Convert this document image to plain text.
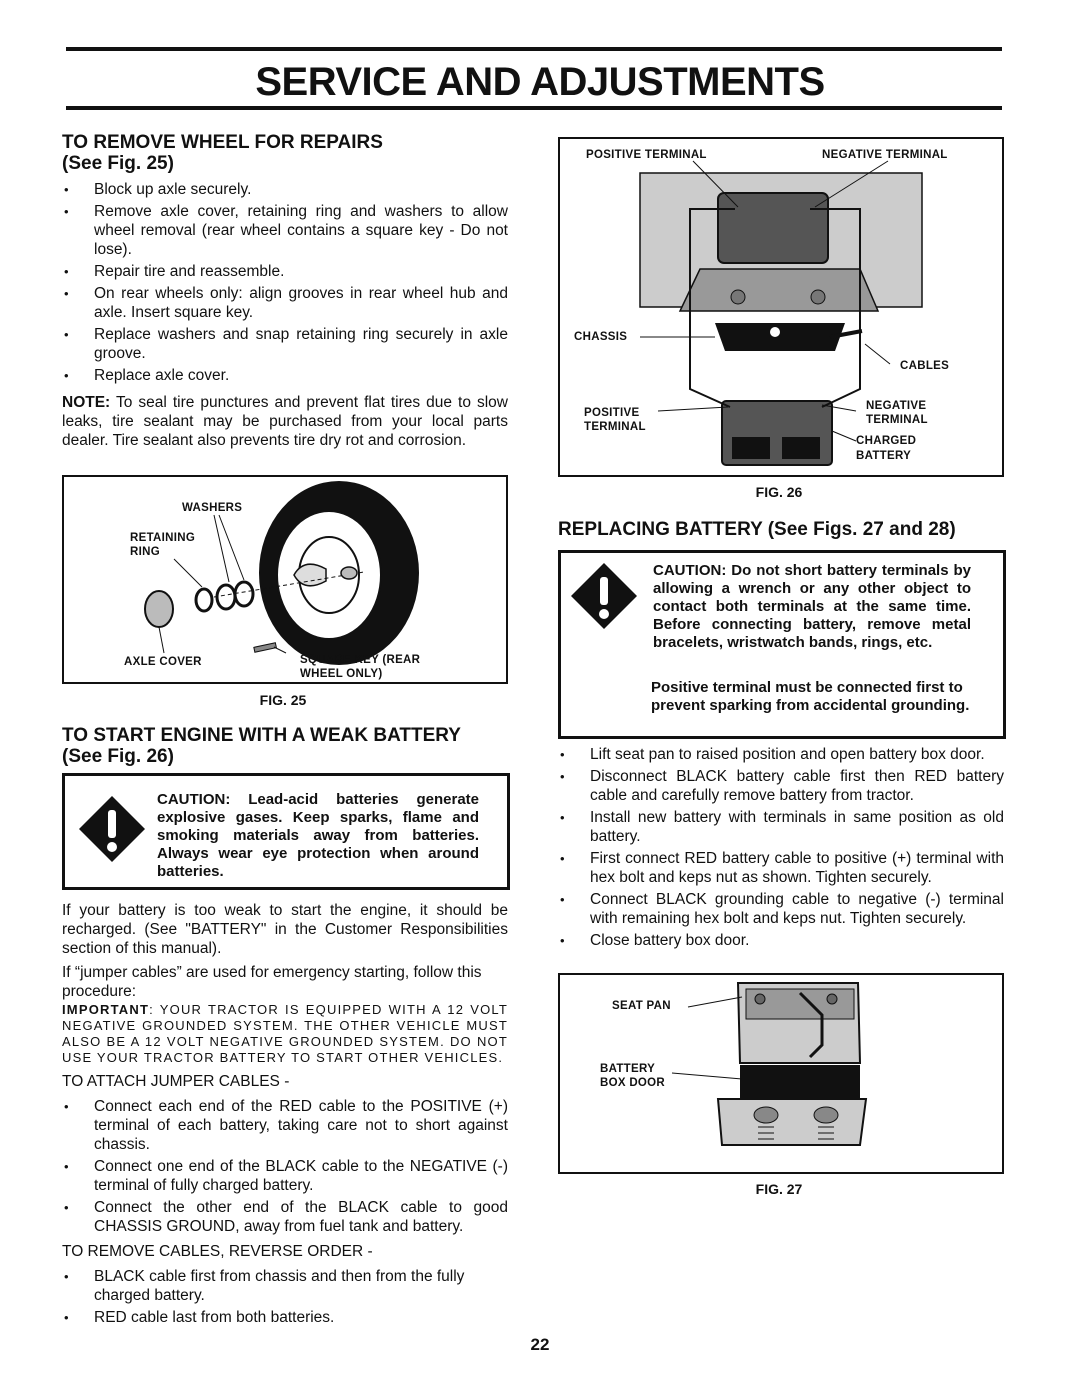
SERVICE AND ADJUSTMENTS
TO REMOVE WHEEL FOR REPAIRS
(See Fig. 25)
• Block up axle securely.
• Remove axle cover, retaining ring and washers to allow wheel removal (rear wheel contains a square key - Do not lose).
• Repair tire and reassemble.
• On rear wheels only: align grooves in rear wheel hub and axle. Insert square key.
• Replace washers and snap retaining ring securely in axle groove.
• Replace axle cover.

NOTE: To seal tire punctures and prevent flat tires due to slow leaks, tire sealant may be purchased from your local parts dealer. Tire sealant also prevents tire dry rot and corrosion.

WASHERS
RETAINING
RING
AXLE COVER	SQUARE KEY (REAR
WHEEL ONLY)
FIG. 25
TO START ENGINE WITH A WEAK BATTERY
(See Fig. 26)
CAUTION: Lead-acid batteries generate explosive gases. Keep sparks, flame and smoking materials away from batteries. Always wear eye protection when around batteries.

If your battery is too weak to start the engine, it should be recharged. (See "BATTERY" in the Customer Responsibilities section of this manual).

If “jumper cables” are used for emergency starting, follow this procedure:

IMPORTANT: YOUR TRACTOR IS EQUIPPED WITH A 12 VOLT NEGATIVE GROUNDED SYSTEM. THE OTHER VEHICLE MUST ALSO BE A 12 VOLT NEGATIVE GROUNDED SYSTEM. DO NOT USE YOUR TRACTOR BATTERY TO START OTHER VEHICLES.

TO ATTACH JUMPER CABLES -

• Connect each end of the RED cable to the POSITIVE (+) terminal of each battery, taking care not to short against chassis.
• Connect one end of the BLACK cable to the NEGATIVE (-) terminal of fully charged battery.
• Connect the other end of the BLACK cable to good CHASSIS GROUND, away from fuel tank and battery.

TO REMOVE CABLES, REVERSE ORDER -

• BLACK cable first from chassis and then from the fully charged battery.
• RED cable last from both batteries.
22
POSITIVE TERMINAL	NEGATIVE TERMINAL
CHASSIS
CABLES
POSITIVE
TERMINAL
NEGATIVE
TERMINAL
CHARGED
BATTERY
FIG. 26
REPLACING BATTERY (See Figs. 27 and 28)
CAUTION: Do not short battery terminals by allowing a wrench or any other object to contact both terminals at the same time. Before connecting battery, remove metal bracelets, wristwatch bands, rings, etc.
Positive terminal must be connected first to prevent sparking from accidental grounding.
• Lift seat pan to raised position and open battery box door.
• Disconnect BLACK battery cable first then RED battery cable and carefully remove battery from tractor.
• Install new battery with terminals in same position as old battery.
• First connect RED battery cable to positive (+) terminal with hex bolt and keps nut as shown. Tighten securely.
• Connect BLACK grounding cable to negative (-) terminal with remaining hex bolt and keps nut. Tighten securely.
• Close battery box door.
SEAT PAN
BATTERY
BOX DOOR
FIG. 27
